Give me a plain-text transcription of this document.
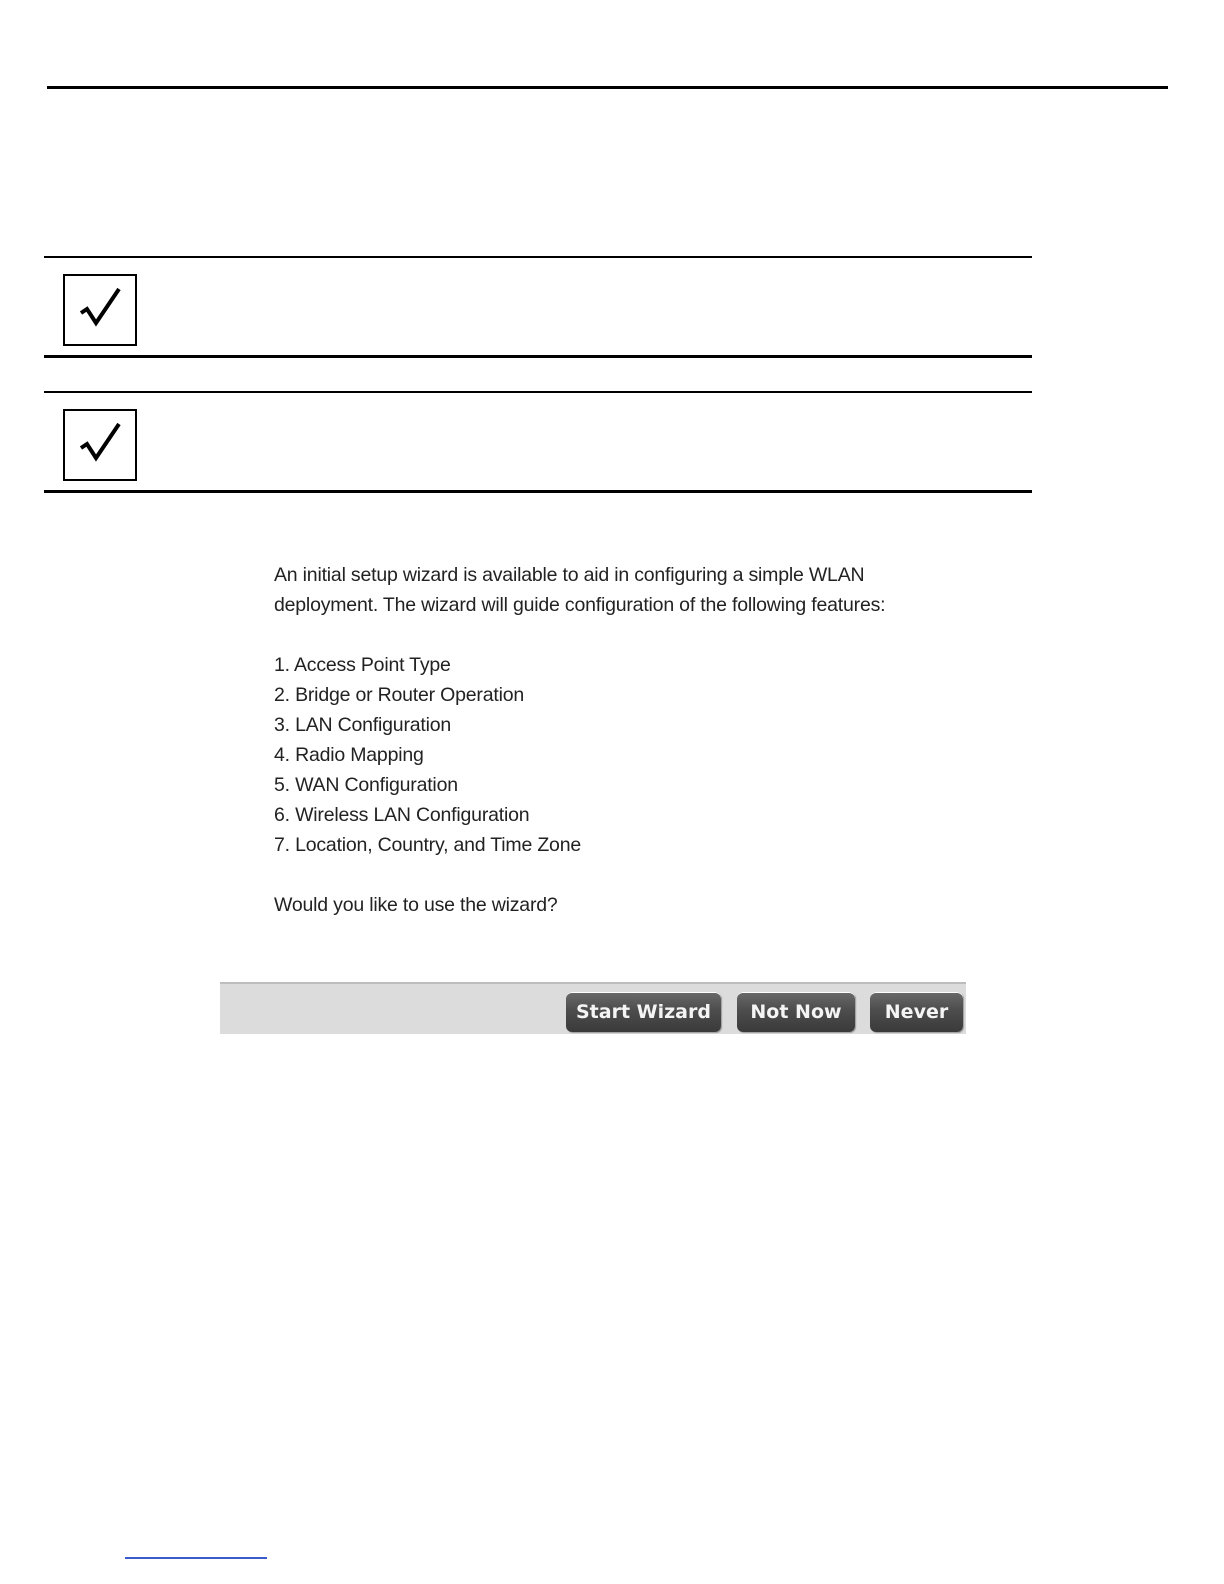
An initial setup wizard is available to aid in configuring a simple WLAN deployment. The wizard will guide configuration of the following features:

1. Access Point Type
2. Bridge or Router Operation
3. LAN Configuration
4. Radio Mapping
5. WAN Configuration
6. Wireless LAN Configuration
7. Location, Country, and Time Zone

Would you like to use the wizard?

Start Wizard	Not Now	Never
